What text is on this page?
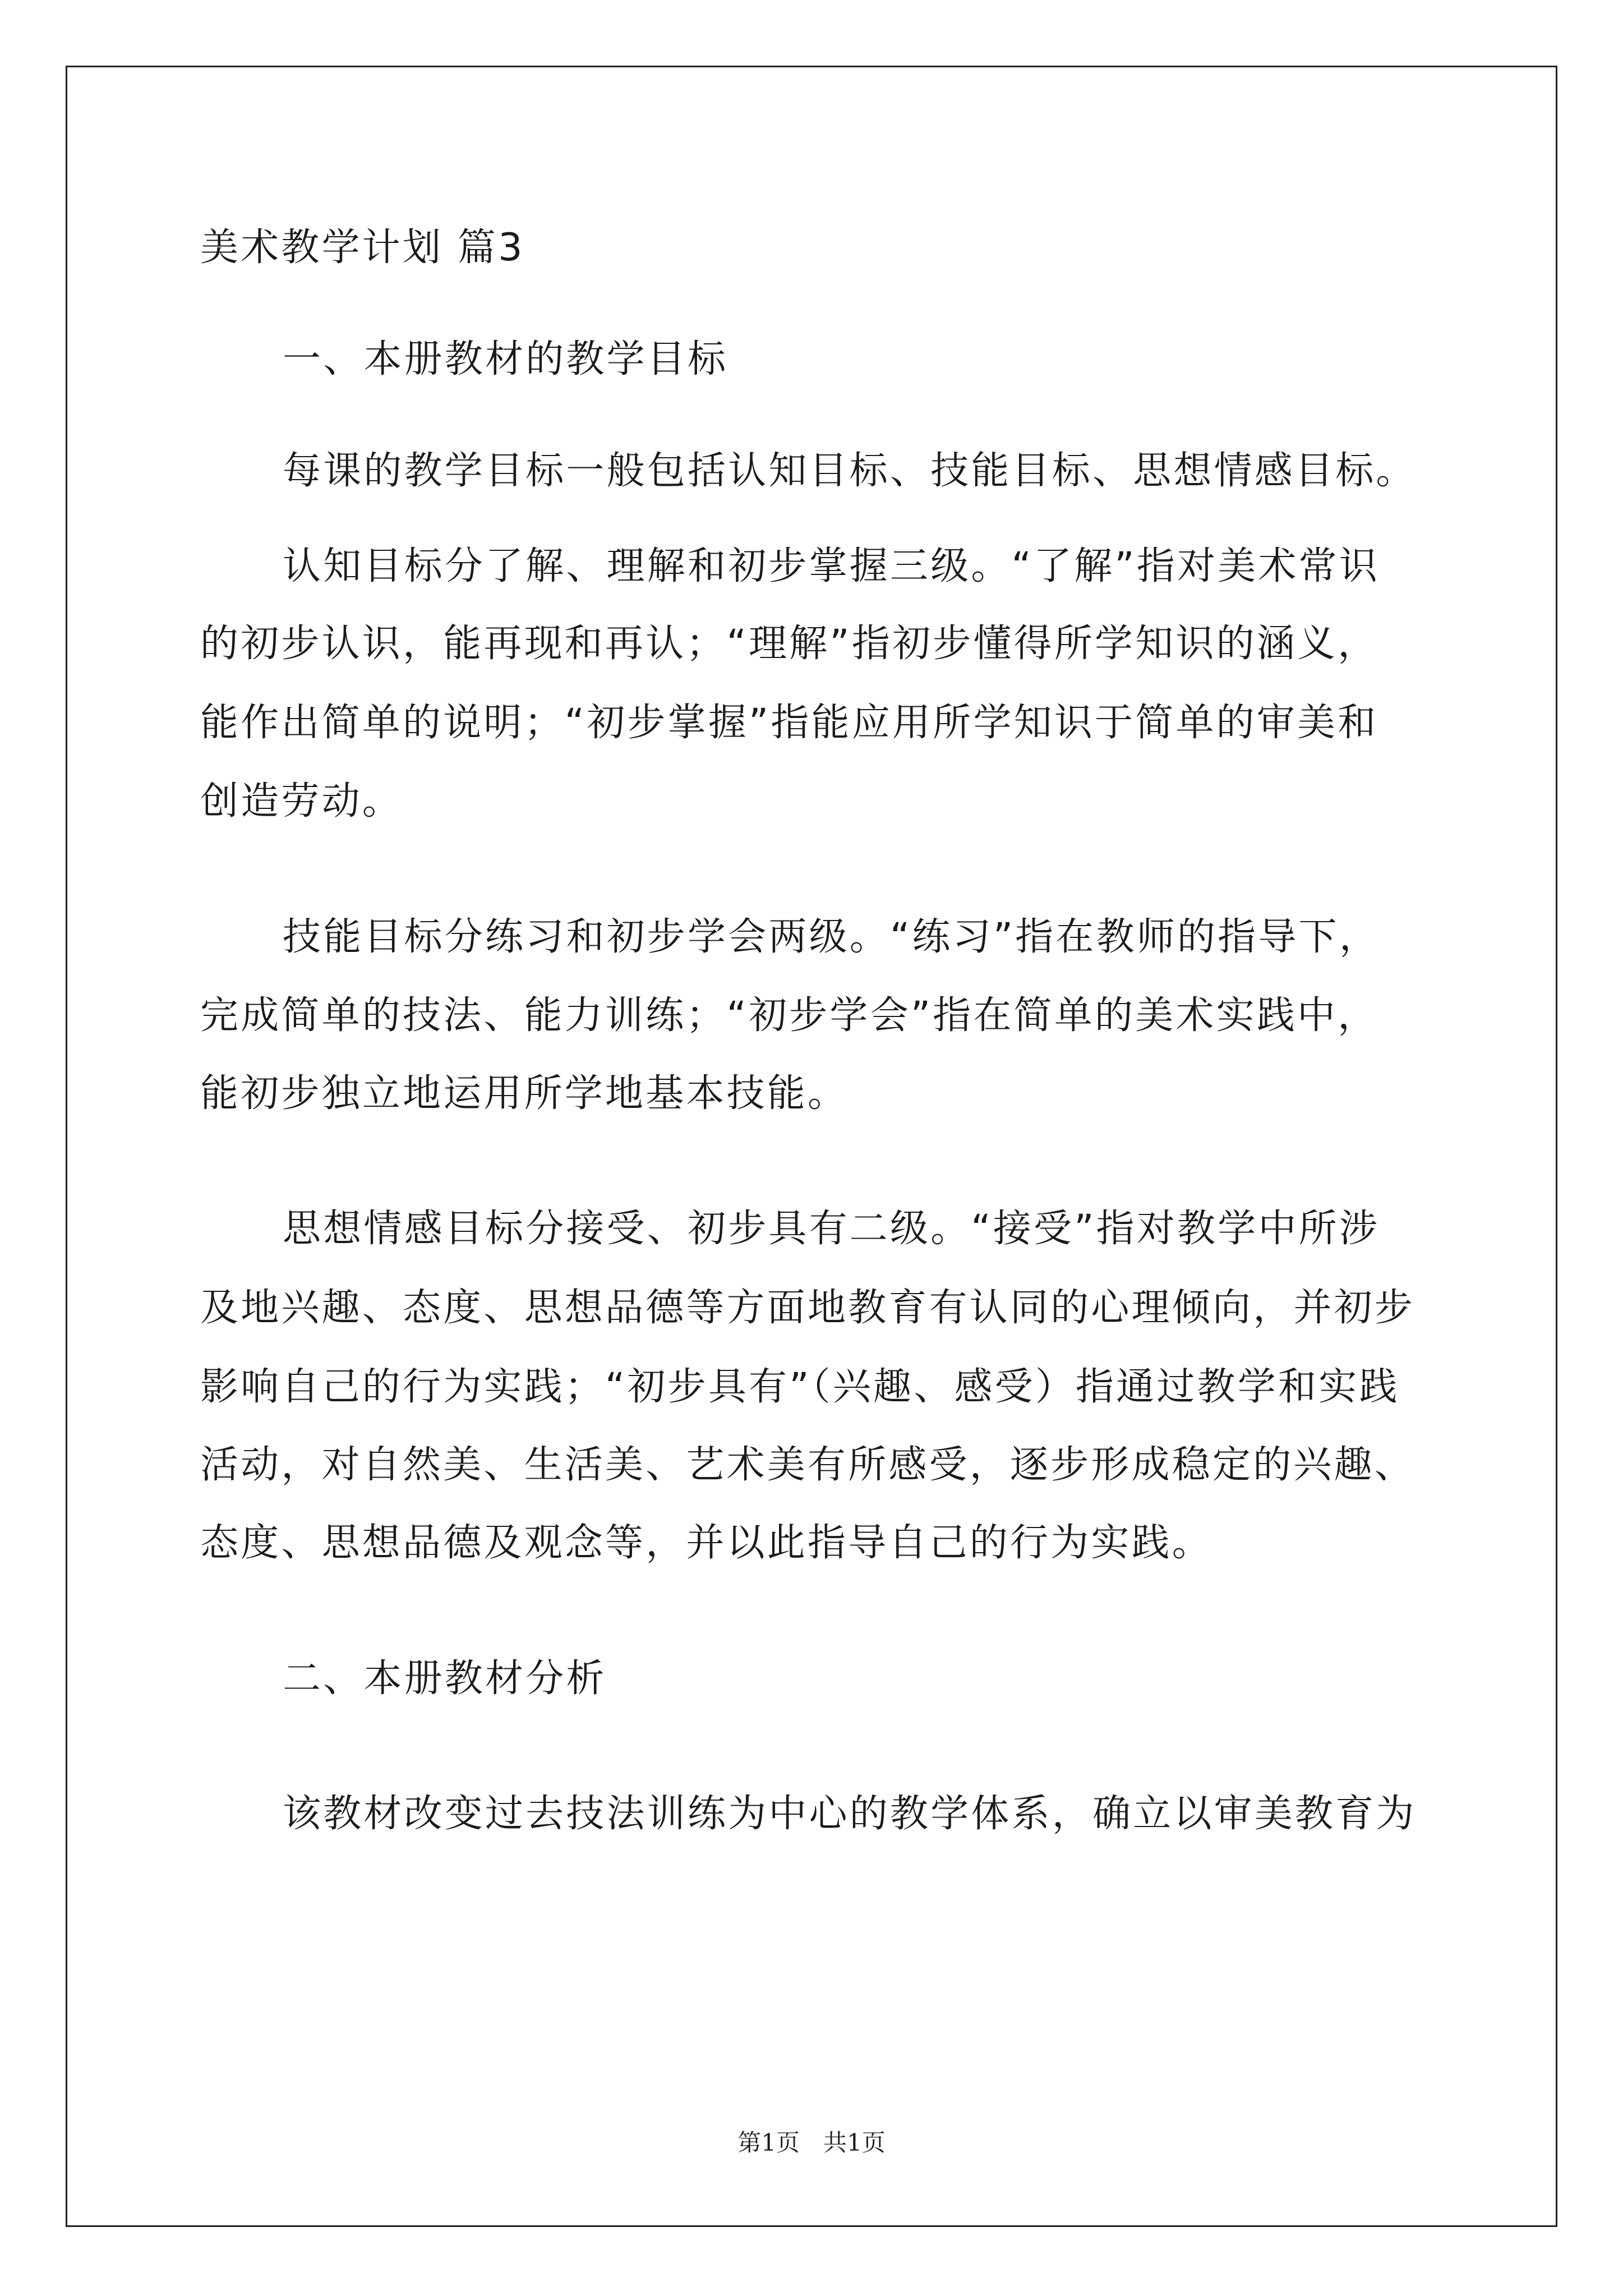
美术教学计划 篇3
一、本册教材的教学目标
每课的教学目标一般包括认知目标、技能目标、思想情感目标。
认知目标分了解、理解和初步掌握三级。“了解”指对美术常识
的初步认识，能再现和再认；“理解”指初步懂得所学知识的涵义，
能作出简单的说明；“初步掌握”指能应用所学知识于简单的审美和
创造劳动。
技能目标分练习和初步学会两级。“练习”指在教师的指导下，
完成简单的技法、能力训练；“初步学会”指在简单的美术实践中，
能初步独立地运用所学地基本技能。
思想情感目标分接受、初步具有二级。“接受”指对教学中所涉
及地兴趣、态度、思想品德等方面地教育有认同的心理倾向，并初步
影响自己的行为实践；“初步具有”（兴趣、感受）指通过教学和实践
活动，对自然美、生活美、艺术美有所感受，逐步形成稳定的兴趣、
态度、思想品德及观念等，并以此指导自己的行为实践。
二、本册教材分析
该教材改变过去技法训练为中心的教学体系，确立以审美教育为
第1页　共1页
